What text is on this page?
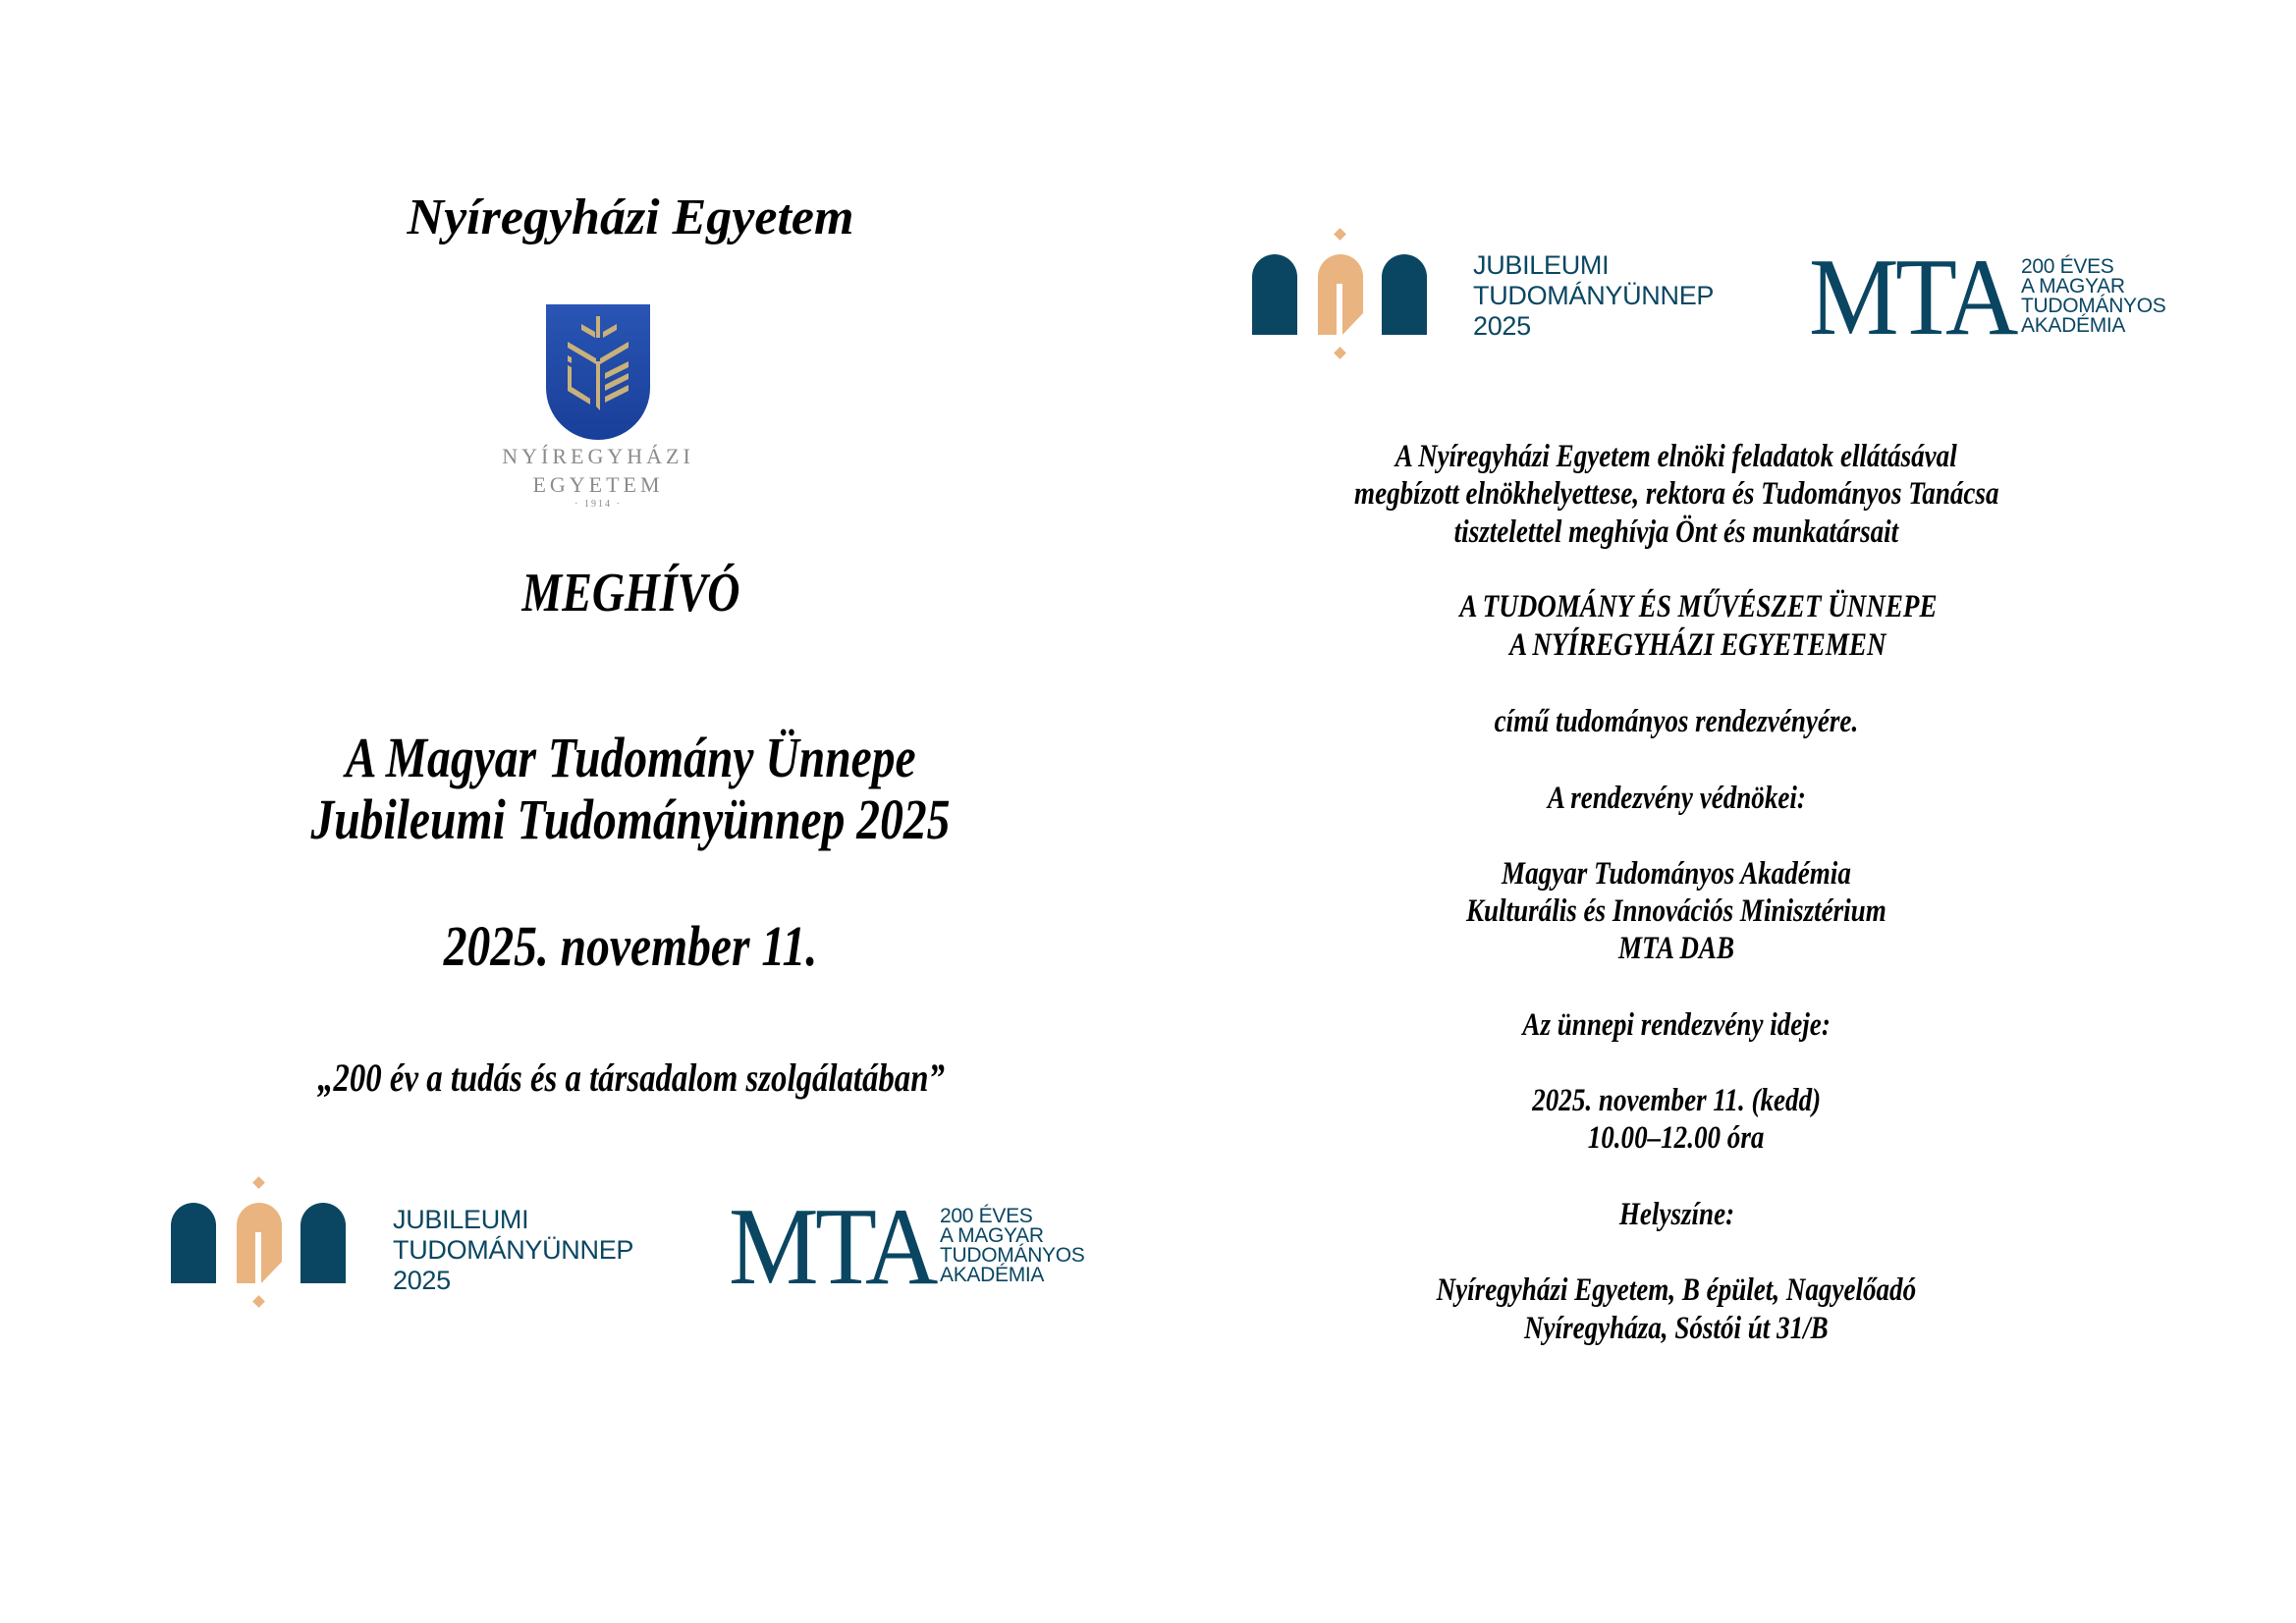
Nyíregyházi Egyetem
NYÍREGYHÁZI
EGYETEM
· 1914 ·
MEGHÍVÓ
A Magyar Tudomány Ünnepe
Jubileumi Tudományünnep 2025
2025. november 11.
„200 év a tudás és a társadalom szolgálatában”
JUBILEUMI
TUDOMÁNYÜNNEP
2025	MTA 200 ÉVES
A MAGYAR
TUDOMÁNYOS
AKADÉMIA
JUBILEUMI
TUDOMÁNYÜNNEP
2025	MTA 200 ÉVES
A MAGYAR
TUDOMÁNYOS
AKADÉMIA
A Nyíregyházi Egyetem elnöki feladatok ellátásával
megbízott elnökhelyettese, rektora és Tudományos Tanácsa
tisztelettel meghívja Önt és munkatársait
A TUDOMÁNY ÉS MŰVÉSZET ÜNNEPE
A NYÍREGYHÁZI EGYETEMEN
című tudományos rendezvényére.
A rendezvény védnökei:
Magyar Tudományos Akadémia
Kulturális és Innovációs Minisztérium
MTA DAB
Az ünnepi rendezvény ideje:
2025. november 11. (kedd)
10.00–12.00 óra
Helyszíne:
Nyíregyházi Egyetem, B épület, Nagyelőadó
Nyíregyháza, Sóstói út 31/B
